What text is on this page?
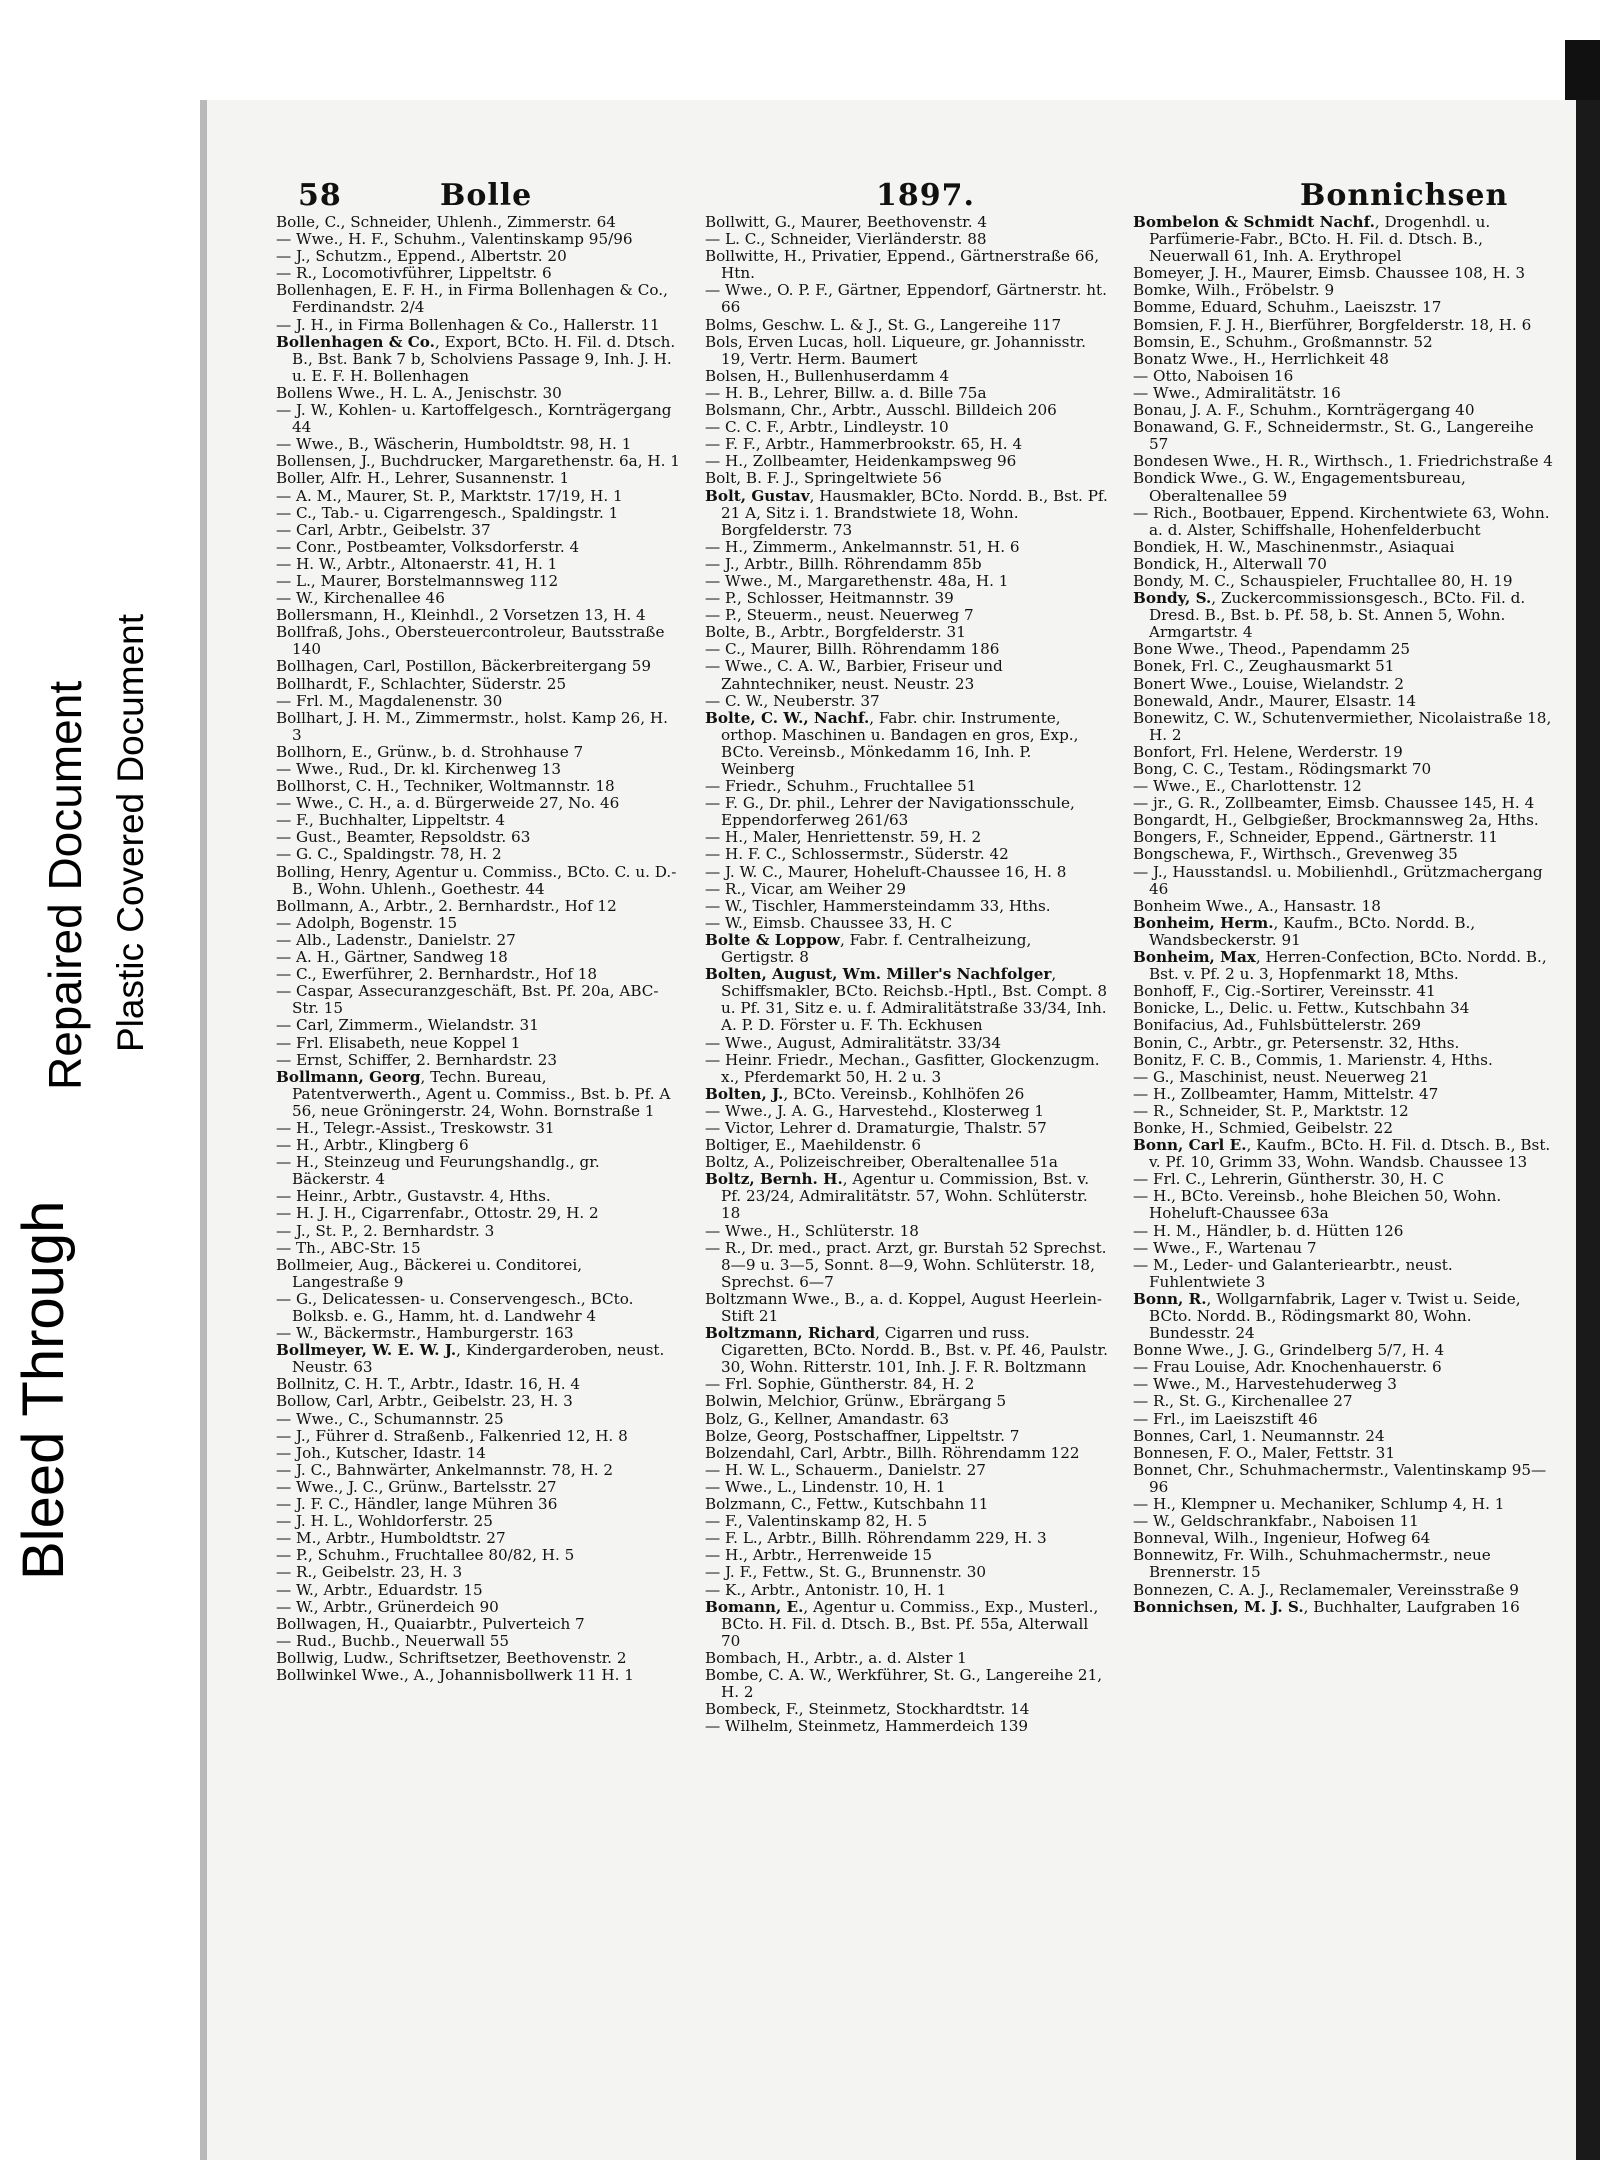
58	Bolle	1897.	Bonnichsen

Bolle, C., Schneider, Uhlenh., Zimmerstr. 64

— Wwe., H. F., Schuhm., Valentinskamp 95/96

— J., Schutzm., Eppend., Albertstr. 20

— R., Locomotivführer, Lippeltstr. 6

Bollenhagen, E. F. H., in Firma Bollenhagen & Co., Ferdinandstr. 2/4

— J. H., in Firma Bollenhagen & Co., Hallerstr. 11

Bollenhagen & Co., Export, BCto. H. Fil. d. Dtsch. B., Bst. Bank 7 b, Scholviens Passage 9, Inh. J. H. u. E. F. H. Bollenhagen

Bollens Wwe., H. L. A., Jenischstr. 30

— J. W., Kohlen- u. Kartoffelgesch., Kornträgergang 44

— Wwe., B., Wäscherin, Humboldtstr. 98, H. 1

Bollensen, J., Buchdrucker, Margarethenstr. 6a, H. 1

Boller, Alfr. H., Lehrer, Susannenstr. 1

— A. M., Maurer, St. P., Marktstr. 17/19, H. 1

— C., Tab.- u. Cigarrengesch., Spaldingstr. 1

— Carl, Arbtr., Geibelstr. 37

— Conr., Postbeamter, Volksdorferstr. 4

— H. W., Arbtr., Altonaerstr. 41, H. 1

— L., Maurer, Borstelmannsweg 112

— W., Kirchenallee 46

Bollersmann, H., Kleinhdl., 2 Vorsetzen 13, H. 4

Bollfraß, Johs., Obersteuercontroleur, Bautsstraße 140

Bollhagen, Carl, Postillon, Bäckerbreitergang 59

Bollhardt, F., Schlachter, Süderstr. 25

— Frl. M., Magdalenenstr. 30

Bollhart, J. H. M., Zimmermstr., holst. Kamp 26, H. 3

Bollhorn, E., Grünw., b. d. Strohhause 7

— Wwe., Rud., Dr. kl. Kirchenweg 13

Bollhorst, C. H., Techniker, Woltmannstr. 18

— Wwe., C. H., a. d. Bürgerweide 27, No. 46

— F., Buchhalter, Lippeltstr. 4

— Gust., Beamter, Repsoldstr. 63

— G. C., Spaldingstr. 78, H. 2

Bolling, Henry, Agentur u. Commiss., BCto. C. u. D.-B., Wohn. Uhlenh., Goethestr. 44

Bollmann, A., Arbtr., 2. Bernhardstr., Hof 12

— Adolph, Bogenstr. 15

— Alb., Ladenstr., Danielstr. 27

— A. H., Gärtner, Sandweg 18

— C., Ewerführer, 2. Bernhardstr., Hof 18

— Caspar, Assecuranzgeschäft, Bst. Pf. 20a, ABC-Str. 15

— Carl, Zimmerm., Wielandstr. 31

— Frl. Elisabeth, neue Koppel 1

— Ernst, Schiffer, 2. Bernhardstr. 23

Bollmann, Georg, Techn. Bureau, Patentverwerth., Agent u. Commiss., Bst. b. Pf. A 56, neue Gröningerstr. 24, Wohn. Bornstraße 1

— H., Telegr.-Assist., Treskowstr. 31

— H., Arbtr., Klingberg 6

— H., Steinzeug und Feurungshandlg., gr. Bäckerstr. 4

— Heinr., Arbtr., Gustavstr. 4, Hths.

— H. J. H., Cigarrenfabr., Ottostr. 29, H. 2

— J., St. P., 2. Bernhardstr. 3

— Th., ABC-Str. 15

Bollmeier, Aug., Bäckerei u. Conditorei, Langestraße 9

— G., Delicatessen- u. Conservengesch., BCto. Bolksb. e. G., Hamm, ht. d. Landwehr 4

— W., Bäckermstr., Hamburgerstr. 163

Bollmeyer, W. E. W. J., Kindergarderoben, neust. Neustr. 63

Bollnitz, C. H. T., Arbtr., Idastr. 16, H. 4

Bollow, Carl, Arbtr., Geibelstr. 23, H. 3

— Wwe., C., Schumannstr. 25

— J., Führer d. Straßenb., Falkenried 12, H. 8

— Joh., Kutscher, Idastr. 14

— J. C., Bahnwärter, Ankelmannstr. 78, H. 2

— Wwe., J. C., Grünw., Bartelsstr. 27

— J. F. C., Händler, lange Mühren 36

— J. H. L., Wohldorferstr. 25

— M., Arbtr., Humboldtstr. 27

— P., Schuhm., Fruchtallee 80/82, H. 5

— R., Geibelstr. 23, H. 3

— W., Arbtr., Eduardstr. 15

— W., Arbtr., Grünerdeich 90

Bollwagen, H., Quaiarbtr., Pulverteich 7

— Rud., Buchb., Neuerwall 55

Bollwig, Ludw., Schriftsetzer, Beethovenstr. 2

Bollwinkel Wwe., A., Johannisbollwerk 11 H. 1

Bollwitt, G., Maurer, Beethovenstr. 4

— L. C., Schneider, Vierländerstr. 88

Bollwitte, H., Privatier, Eppend., Gärtnerstraße 66, Htn.

— Wwe., O. P. F., Gärtner, Eppendorf, Gärtnerstr. ht. 66

Bolms, Geschw. L. & J., St. G., Langereihe 117

Bols, Erven Lucas, holl. Liqueure, gr. Johannisstr. 19, Vertr. Herm. Baumert

Bolsen, H., Bullenhuserdamm 4

— H. B., Lehrer, Billw. a. d. Bille 75a

Bolsmann, Chr., Arbtr., Ausschl. Billdeich 206

— C. C. F., Arbtr., Lindleystr. 10

— F. F., Arbtr., Hammerbrookstr. 65, H. 4

— H., Zollbeamter, Heidenkampsweg 96

Bolt, B. F. J., Springeltwiete 56

Bolt, Gustav, Hausmakler, BCto. Nordd. B., Bst. Pf. 21 A, Sitz i. 1. Brandstwiete 18, Wohn. Borgfelderstr. 73

— H., Zimmerm., Ankelmannstr. 51, H. 6

— J., Arbtr., Billh. Röhrendamm 85b

— Wwe., M., Margarethenstr. 48a, H. 1

— P., Schlosser, Heitmannstr. 39

— P., Steuerm., neust. Neuerweg 7

Bolte, B., Arbtr., Borgfelderstr. 31

— C., Maurer, Billh. Röhrendamm 186

— Wwe., C. A. W., Barbier, Friseur und Zahntechniker, neust. Neustr. 23

— C. W., Neuberstr. 37

Bolte, C. W., Nachf., Fabr. chir. Instrumente, orthop. Maschinen u. Bandagen en gros, Exp., BCto. Vereinsb., Mönkedamm 16, Inh. P. Weinberg

— Friedr., Schuhm., Fruchtallee 51

— F. G., Dr. phil., Lehrer der Navigationsschule, Eppendorferweg 261/63

— H., Maler, Henriettenstr. 59, H. 2

— H. F. C., Schlossermstr., Süderstr. 42

— J. W. C., Maurer, Hoheluft-Chaussee 16, H. 8

— R., Vicar, am Weiher 29

— W., Tischler, Hammersteindamm 33, Hths.

— W., Eimsb. Chaussee 33, H. C

Bolte & Loppow, Fabr. f. Centralheizung, Gertigstr. 8

Bolten, August, Wm. Miller's Nachfolger, Schiffsmakler, BCto. Reichsb.-Hptl., Bst. Compt. 8 u. Pf. 31, Sitz e. u. f. Admiralitätstraße 33/34, Inh. A. P. D. Förster u. F. Th. Eckhusen

— Wwe., August, Admiralitätstr. 33/34

— Heinr. Friedr., Mechan., Gasfitter, Glockenzugm. x., Pferdemarkt 50, H. 2 u. 3

Bolten, J., BCto. Vereinsb., Kohlhöfen 26

— Wwe., J. A. G., Harvestehd., Klosterweg 1

— Victor, Lehrer d. Dramaturgie, Thalstr. 57

Boltiger, E., Maehildenstr. 6

Boltz, A., Polizeischreiber, Oberaltenallee 51a

Boltz, Bernh. H., Agentur u. Commission, Bst. v. Pf. 23/24, Admiralitätstr. 57, Wohn. Schlüterstr. 18

— Wwe., H., Schlüterstr. 18

— R., Dr. med., pract. Arzt, gr. Burstah 52 Sprechst. 8—9 u. 3—5, Sonnt. 8—9, Wohn. Schlüterstr. 18, Sprechst. 6—7

Boltzmann Wwe., B., a. d. Koppel, August Heerlein-Stift 21

Boltzmann, Richard, Cigarren und russ. Cigaretten, BCto. Nordd. B., Bst. v. Pf. 46, Paulstr. 30, Wohn. Ritterstr. 101, Inh. J. F. R. Boltzmann

— Frl. Sophie, Güntherstr. 84, H. 2

Bolwin, Melchior, Grünw., Ebrärgang 5

Bolz, G., Kellner, Amandastr. 63

Bolze, Georg, Postschaffner, Lippeltstr. 7

Bolzendahl, Carl, Arbtr., Billh. Röhrendamm 122

— H. W. L., Schauerm., Danielstr. 27

— Wwe., L., Lindenstr. 10, H. 1

Bolzmann, C., Fettw., Kutschbahn 11

— F., Valentinskamp 82, H. 5

— F. L., Arbtr., Billh. Röhrendamm 229, H. 3

— H., Arbtr., Herrenweide 15

— J. F., Fettw., St. G., Brunnenstr. 30

— K., Arbtr., Antonistr. 10, H. 1

Bomann, E., Agentur u. Commiss., Exp., Musterl., BCto. H. Fil. d. Dtsch. B., Bst. Pf. 55a, Alterwall 70

Bombach, H., Arbtr., a. d. Alster 1

Bombe, C. A. W., Werkführer, St. G., Langereihe 21, H. 2

Bombeck, F., Steinmetz, Stockhardtstr. 14

— Wilhelm, Steinmetz, Hammerdeich 139

Bombelon & Schmidt Nachf., Drogenhdl. u. Parfümerie-Fabr., BCto. H. Fil. d. Dtsch. B., Neuerwall 61, Inh. A. Erythropel

Bomeyer, J. H., Maurer, Eimsb. Chaussee 108, H. 3

Bomke, Wilh., Fröbelstr. 9

Bomme, Eduard, Schuhm., Laeiszstr. 17

Bomsien, F. J. H., Bierführer, Borgfelderstr. 18, H. 6

Bomsin, E., Schuhm., Großmannstr. 52

Bonatz Wwe., H., Herrlichkeit 48

— Otto, Naboisen 16

— Wwe., Admiralitätstr. 16

Bonau, J. A. F., Schuhm., Kornträgergang 40

Bonawand, G. F., Schneidermstr., St. G., Langereihe 57

Bondesen Wwe., H. R., Wirthsch., 1. Friedrichstraße 4

Bondick Wwe., G. W., Engagementsbureau, Oberaltenallee 59

— Rich., Bootbauer, Eppend. Kirchentwiete 63, Wohn. a. d. Alster, Schiffshalle, Hohenfelderbucht

Bondiek, H. W., Maschinenmstr., Asiaquai

Bondick, H., Alterwall 70

Bondy, M. C., Schauspieler, Fruchtallee 80, H. 19

Bondy, S., Zuckercommissionsgesch., BCto. Fil. d. Dresd. B., Bst. b. Pf. 58, b. St. Annen 5, Wohn. Armgartstr. 4

Bone Wwe., Theod., Papendamm 25

Bonek, Frl. C., Zeughausmarkt 51

Bonert Wwe., Louise, Wielandstr. 2

Bonewald, Andr., Maurer, Elsastr. 14

Bonewitz, C. W., Schutenvermiether, Nicolaistraße 18, H. 2

Bonfort, Frl. Helene, Werderstr. 19

Bong, C. C., Testam., Rödingsmarkt 70

— Wwe., E., Charlottenstr. 12

— jr., G. R., Zollbeamter, Eimsb. Chaussee 145, H. 4

Bongardt, H., Gelbgießer, Brockmannsweg 2a, Hths.

Bongers, F., Schneider, Eppend., Gärtnerstr. 11

Bongschewa, F., Wirthsch., Grevenweg 35

— J., Hausstandsl. u. Mobilienhdl., Grützmachergang 46

Bonheim Wwe., A., Hansastr. 18

Bonheim, Herm., Kaufm., BCto. Nordd. B., Wandsbeckerstr. 91

Bonheim, Max, Herren-Confection, BCto. Nordd. B., Bst. v. Pf. 2 u. 3, Hopfenmarkt 18, Mths.

Bonhoff, F., Cig.-Sortirer, Vereinsstr. 41

Bonicke, L., Delic. u. Fettw., Kutschbahn 34

Bonifacius, Ad., Fuhlsbüttelerstr. 269

Bonin, C., Arbtr., gr. Petersenstr. 32, Hths.

Bonitz, F. C. B., Commis, 1. Marienstr. 4, Hths.

— G., Maschinist, neust. Neuerweg 21

— H., Zollbeamter, Hamm, Mittelstr. 47

— R., Schneider, St. P., Marktstr. 12

Bonke, H., Schmied, Geibelstr. 22

Bonn, Carl E., Kaufm., BCto. H. Fil. d. Dtsch. B., Bst. v. Pf. 10, Grimm 33, Wohn. Wandsb. Chaussee 13

— Frl. C., Lehrerin, Güntherstr. 30, H. C

— H., BCto. Vereinsb., hohe Bleichen 50, Wohn. Hoheluft-Chaussee 63a

— H. M., Händler, b. d. Hütten 126

— Wwe., F., Wartenau 7

— M., Leder- und Galanteriearbtr., neust. Fuhlentwiete 3

Bonn, R., Wollgarnfabrik, Lager v. Twist u. Seide, BCto. Nordd. B., Rödingsmarkt 80, Wohn. Bundesstr. 24

Bonne Wwe., J. G., Grindelberg 5/7, H. 4

— Frau Louise, Adr. Knochenhauerstr. 6

— Wwe., M., Harvestehuderweg 3

— R., St. G., Kirchenallee 27

— Frl., im Laeiszstift 46

Bonnes, Carl, 1. Neumannstr. 24

Bonnesen, F. O., Maler, Fettstr. 31

Bonnet, Chr., Schuhmachermstr., Valentinskamp 95—96

— H., Klempner u. Mechaniker, Schlump 4, H. 1

— W., Geldschrankfabr., Naboisen 11

Bonneval, Wilh., Ingenieur, Hofweg 64

Bonnewitz, Fr. Wilh., Schuhmachermstr., neue Brennerstr. 15

Bonnezen, C. A. J., Reclamemaler, Vereinsstraße 9

Bonnichsen, M. J. S., Buchhalter, Laufgraben 16

Bleed Through
Repaired Document Plastic Covered Document
